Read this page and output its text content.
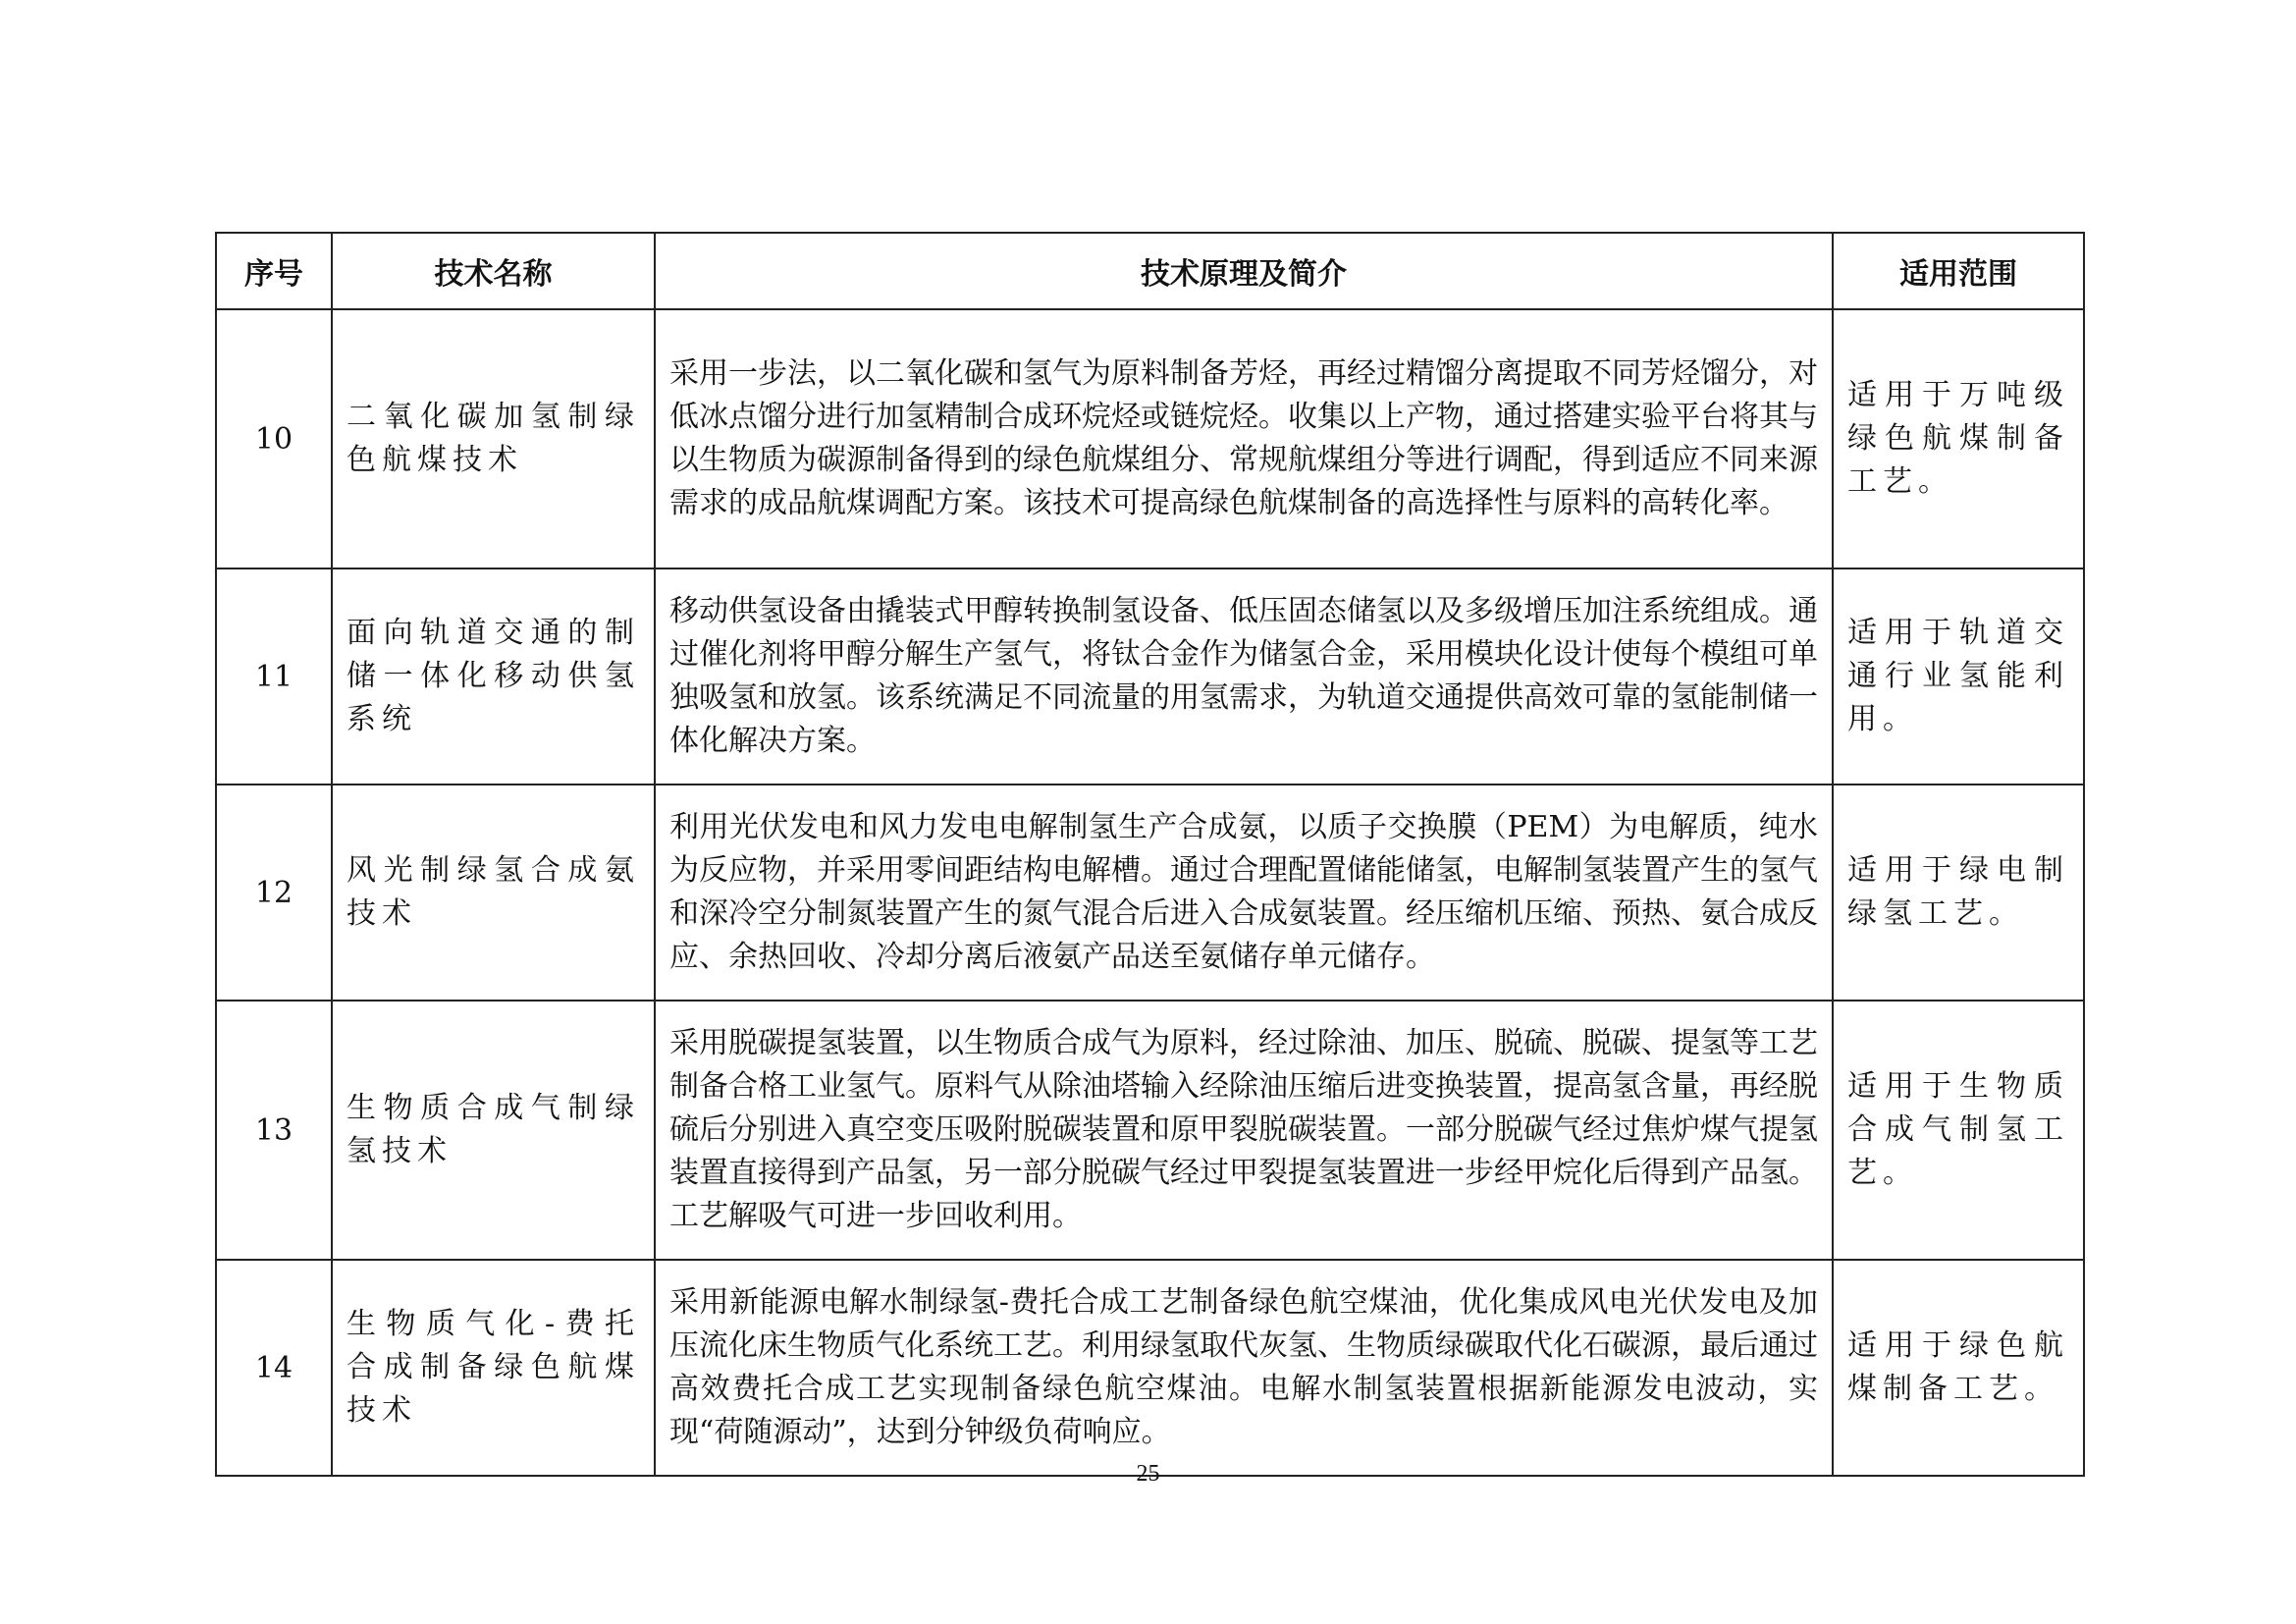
序号	技术名称	技术原理及简介	适用范围
10	二氧化碳加氢制绿色航煤技术	采用一步法，以二氧化碳和氢气为原料制备芳烃，再经过精馏分离提取不同芳烃馏分，对低冰点馏分进行加氢精制合成环烷烃或链烷烃。收集以上产物，通过搭建实验平台将其与以生物质为碳源制备得到的绿色航煤组分、常规航煤组分等进行调配，得到适应不同来源需求的成品航煤调配方案。该技术可提高绿色航煤制备的高选择性与原料的高转化率。	适用于万吨级绿色航煤制备工艺。
11	面向轨道交通的制储一体化移动供氢系统	移动供氢设备由撬装式甲醇转换制氢设备、低压固态储氢以及多级增压加注系统组成。通过催化剂将甲醇分解生产氢气，将钛合金作为储氢合金，采用模块化设计使每个模组可单独吸氢和放氢。该系统满足不同流量的用氢需求，为轨道交通提供高效可靠的氢能制储一体化解决方案。	适用于轨道交通行业氢能利用。
12	风光制绿氢合成氨技术	利用光伏发电和风力发电电解制氢生产合成氨，以质子交换膜（PEM）为电解质，纯水为反应物，并采用零间距结构电解槽。通过合理配置储能储氢，电解制氢装置产生的氢气和深冷空分制氮装置产生的氮气混合后进入合成氨装置。经压缩机压缩、预热、氨合成反应、余热回收、冷却分离后液氨产品送至氨储存单元储存。	适用于绿电制绿氢工艺。
13	生物质合成气制绿氢技术	采用脱碳提氢装置，以生物质合成气为原料，经过除油、加压、脱硫、脱碳、提氢等工艺制备合格工业氢气。原料气从除油塔输入经除油压缩后进变换装置，提高氢含量，再经脱硫后分别进入真空变压吸附脱碳装置和原甲裂脱碳装置。一部分脱碳气经过焦炉煤气提氢装置直接得到产品氢，另一部分脱碳气经过甲裂提氢装置进一步经甲烷化后得到产品氢。工艺解吸气可进一步回收利用。	适用于生物质合成气制氢工艺。
14	生物质气化-费托合成制备绿色航煤技术	采用新能源电解水制绿氢-费托合成工艺制备绿色航空煤油，优化集成风电光伏发电及加压流化床生物质气化系统工艺。利用绿氢取代灰氢、生物质绿碳取代化石碳源，最后通过高效费托合成工艺实现制备绿色航空煤油。电解水制氢装置根据新能源发电波动，实现“荷随源动”，达到分钟级负荷响应。	适用于绿色航煤制备工艺。
25
